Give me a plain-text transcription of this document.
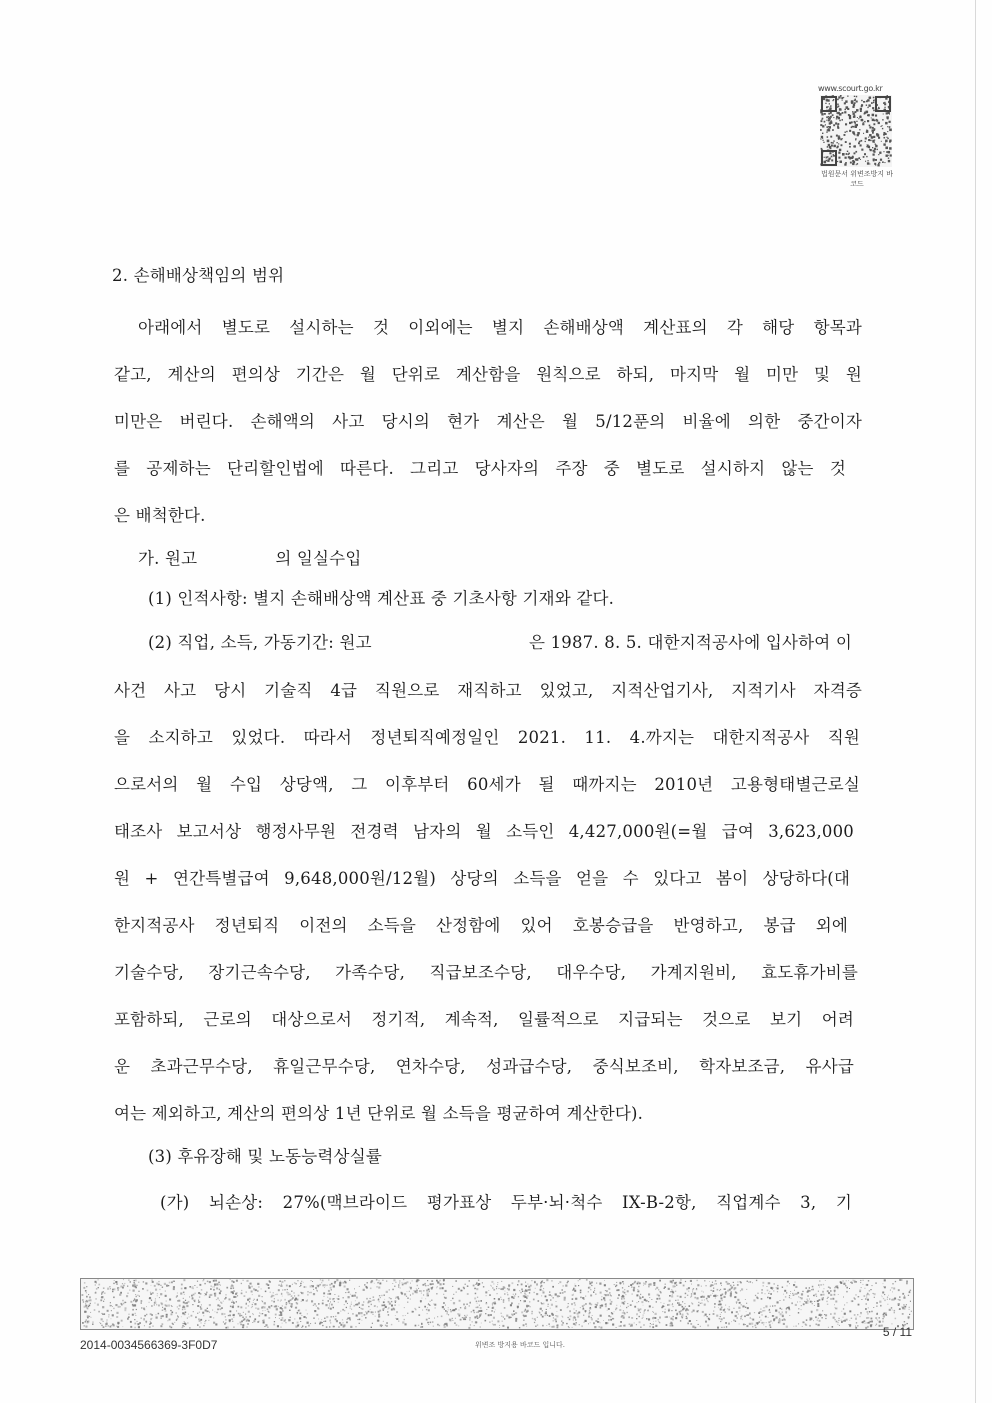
www.scourt.go.kr
법원문서 위변조방지 바코드
2. 손해배상책임의 범위
아래에서 별도로 설시하는 것 이외에는 별지 손해배상액 계산표의 각 해당 항목과
같고, 계산의 편의상 기간은 월 단위로 계산함을 원칙으로 하되, 마지막 월 미만 및 원
미만은 버린다. 손해액의 사고 당시의 현가 계산은 월 5/12푼의 비율에 의한 중간이자
를 공제하는 단리할인법에 따른다. 그리고 당사자의 주장 중 별도로 설시하지 않는 것
은 배척한다.
가. 원고	의 일실수입
(1) 인적사항: 별지 손해배상액 계산표 중 기초사항 기재와 같다.
(2) 직업, 소득, 가동기간: 원고	은 1987. 8. 5. 대한지적공사에 입사하여 이
사건 사고 당시 기술직 4급 직원으로 재직하고 있었고, 지적산업기사, 지적기사 자격증
을 소지하고 있었다. 따라서 정년퇴직예정일인 2021. 11. 4.까지는 대한지적공사 직원
으로서의 월 수입 상당액, 그 이후부터 60세가 될 때까지는 2010년 고용형태별근로실
태조사 보고서상 행정사무원 전경력 남자의 월 소득인 4,427,000원(=월 급여 3,623,000
원 + 연간특별급여 9,648,000원/12월) 상당의 소득을 얻을 수 있다고 봄이 상당하다(대
한지적공사 정년퇴직 이전의 소득을 산정함에 있어 호봉승급을 반영하고, 봉급 외에
기술수당, 장기근속수당, 가족수당, 직급보조수당, 대우수당, 가계지원비, 효도휴가비를
포함하되, 근로의 대상으로서 정기적, 계속적, 일률적으로 지급되는 것으로 보기 어려
운 초과근무수당, 휴일근무수당, 연차수당, 성과급수당, 중식보조비, 학자보조금, 유사급
여는 제외하고, 계산의 편의상 1년 단위로 월 소득을 평균하여 계산한다).
(3) 후유장해 및 노동능력상실률
(가) 뇌손상: 27%(맥브라이드 평가표상 두부·뇌·척수 IX-B-2항, 직업계수 3, 기
2014-0034566369-3F0D7	위변조 방지용 바코드 입니다.
5 / 11
